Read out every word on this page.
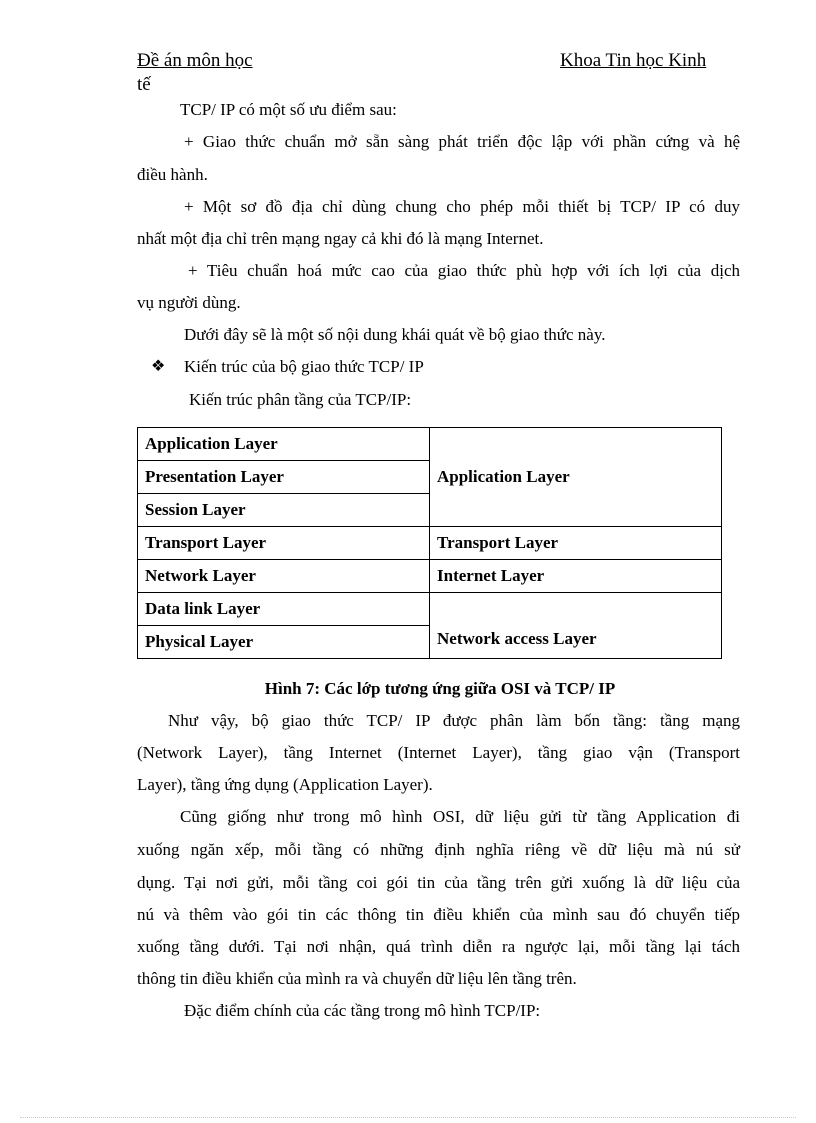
Đề án môn học	Khoa Tin học Kinh
tế
TCP/ IP có một số ưu điểm sau:
+ Giao thức chuẩn mở sẵn sàng phát triển độc lập với phần cứng và hệ
điều hành.
+ Một sơ đồ địa chỉ dùng chung cho phép mỗi thiết bị TCP/ IP có duy
nhất một địa chỉ trên mạng ngay cả khi đó là mạng Internet.
+ Tiêu chuẩn hoá mức cao của giao thức phù hợp với ích lợi của dịch
vụ người dùng.
Dưới đây sẽ là một số nội dung khái quát về bộ giao thức này.
❖ Kiến trúc của bộ giao thức TCP/ IP
Kiến trúc phân tầng của TCP/IP:
Application Layer	Application Layer
Presentation Layer	
Session Layer	
Transport Layer	Transport Layer
Network Layer	Internet Layer
Data link Layer	Network access Layer
Physical Layer	
Hình 7: Các lớp tương ứng giữa OSI và TCP/ IP
Như vậy, bộ giao thức TCP/ IP được phân làm bốn tầng: tầng mạng
(Network Layer), tầng Internet (Internet Layer), tầng giao vận (Transport
Layer), tầng ứng dụng (Application Layer).
Cũng giống như trong mô hình OSI, dữ liệu gửi từ tầng Application đi
xuống ngăn xếp, mỗi tầng có những định nghĩa riêng về dữ liệu mà nú sử
dụng. Tại nơi gửi, mỗi tầng coi gói tin của tầng trên gửi xuống là dữ liệu của
nú và thêm vào gói tin các thông tin điều khiển của mình sau đó chuyển tiếp
xuống tầng dưới. Tại nơi nhận, quá trình diễn ra ngược lại, mỗi tầng lại tách
thông tin điều khiển của mình ra và chuyển dữ liệu lên tầng trên.
Đặc điểm chính của các tầng trong mô hình TCP/IP:
